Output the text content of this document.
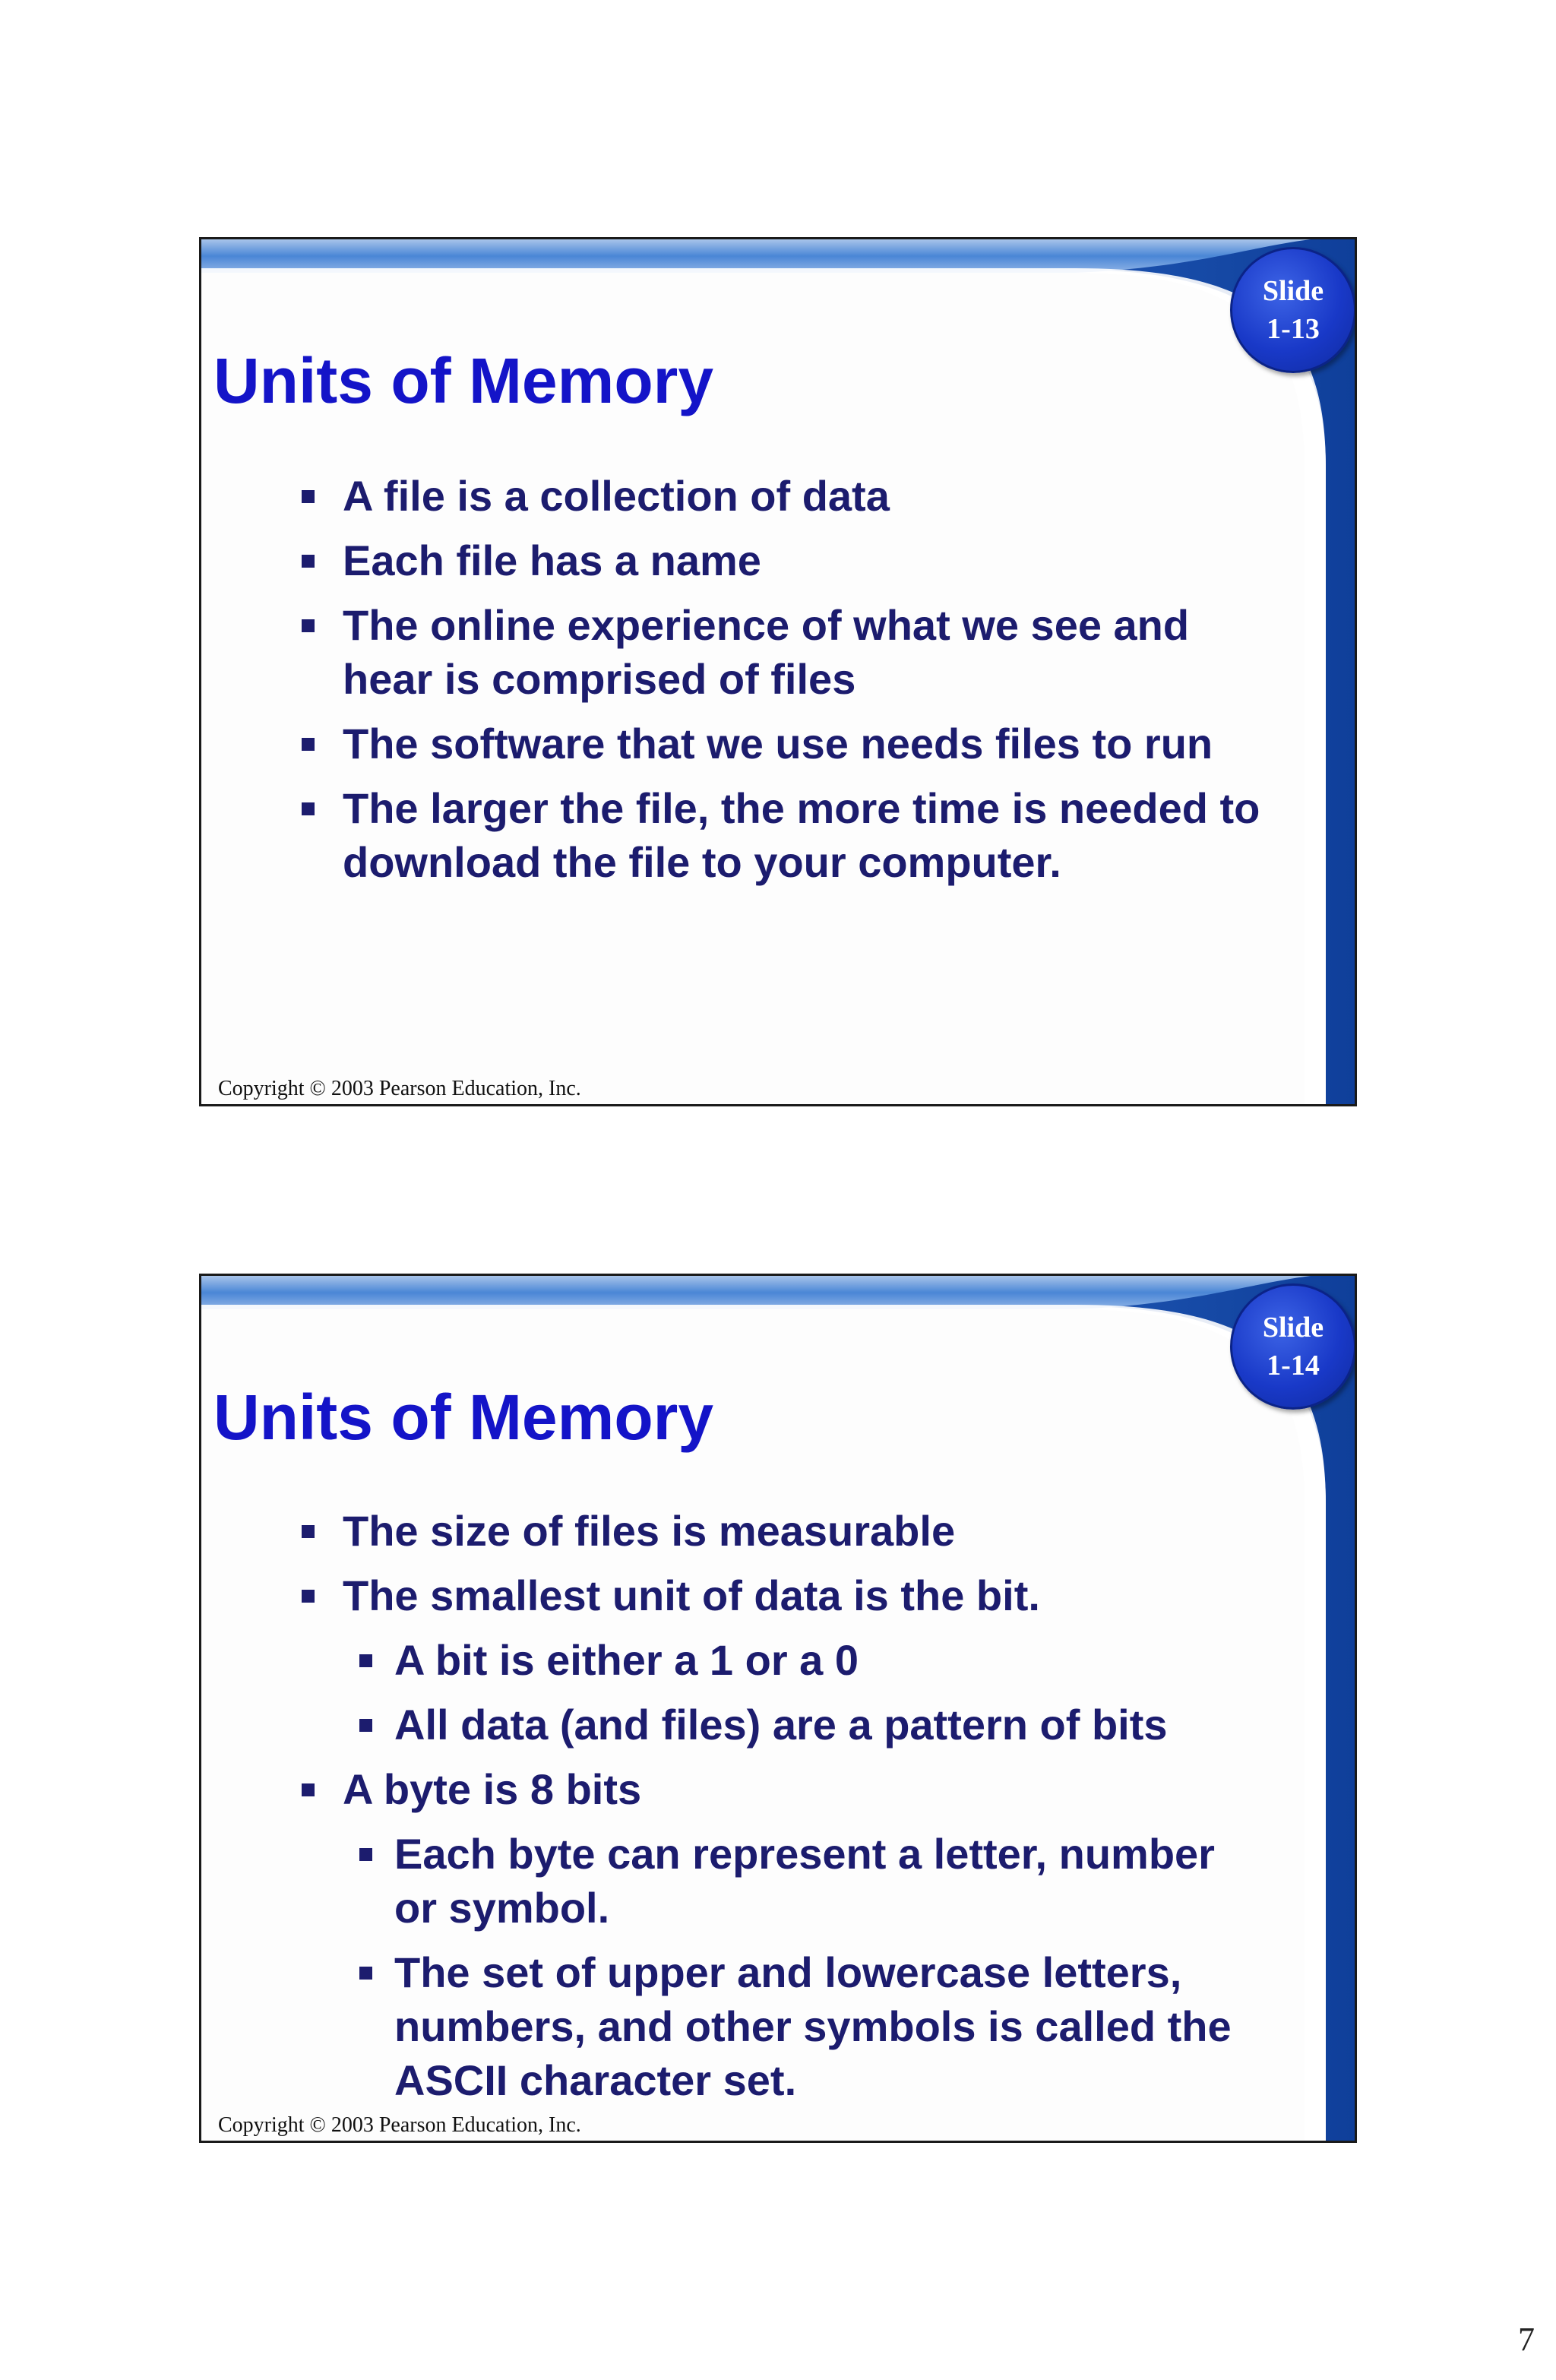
Slide
1-13
Units of Memory
A file is a collection of data
Each file has a name
The online experience of what we see and hear is comprised of files
The software that we use needs files to run
The larger the file, the more time is needed to download the file to your computer.
Copyright © 2003 Pearson Education, Inc.
Slide
1-14
Units of Memory
The size of files is measurable
The smallest unit of data is the bit.
A bit is either a 1 or a 0
All data (and files) are a pattern of bits
A byte is 8 bits
Each byte can represent a letter, number or symbol.
The set of upper and lowercase letters, numbers, and other symbols is called the ASCII character set.
Copyright © 2003 Pearson Education, Inc.
7
